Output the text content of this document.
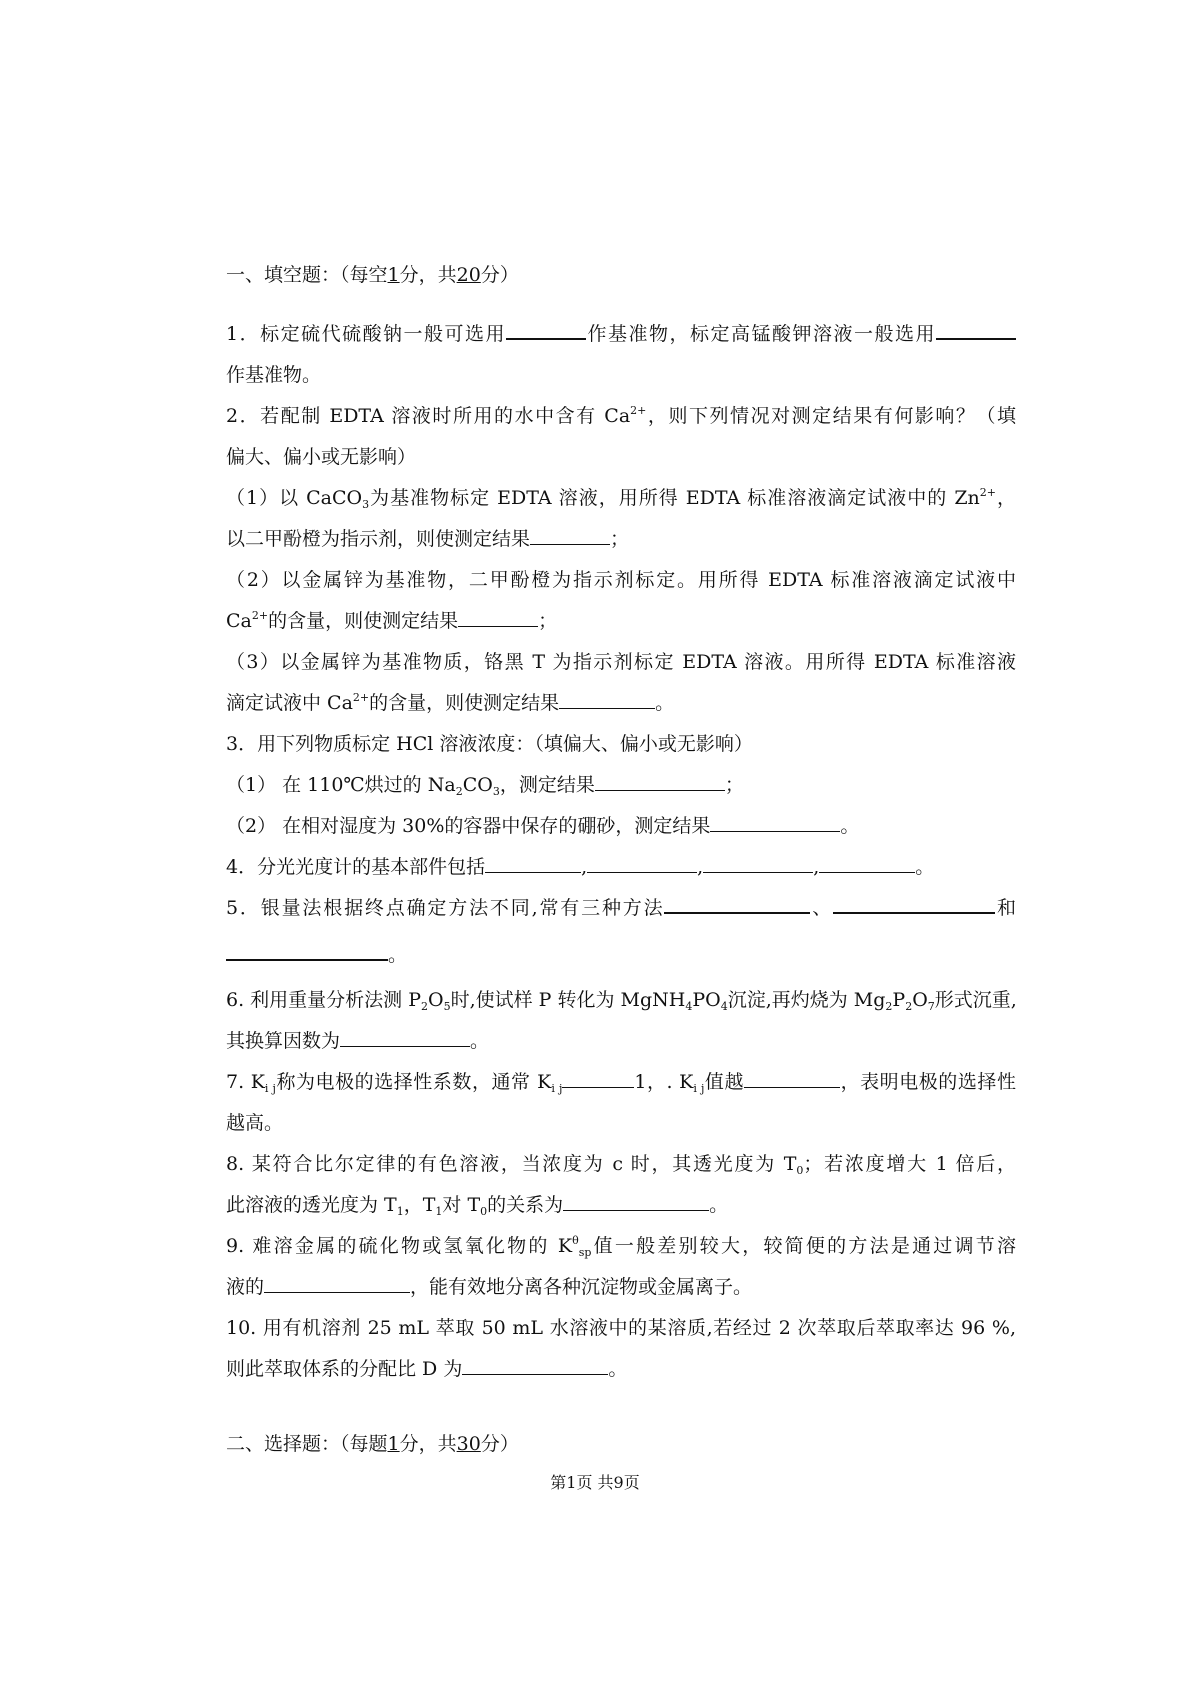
一、填空题：（每空1分，共20分）
1．标定硫代硫酸钠一般可选用	作基准物，标定高锰酸钾溶液一般选用
作基准物。
2．若配制 EDTA 溶液时所用的水中含有 $Ca^{2+}$，则下列情况对测定结果有何影响？（填
偏大、偏小或无影响）
（1）以 CaCO$_3$为基准物标定 EDTA 溶液，用所得 EDTA 标准溶液滴定试液中的 $Zn^{2+}$，
以二甲酚橙为指示剂，则使测定结果	；
（2）以金属锌为基准物，二甲酚橙为指示剂标定。用所得 EDTA 标准溶液滴定试液中
$Ca^{2+}$的含量，则使测定结果	；
（3）以金属锌为基准物质，铬黑 T 为指示剂标定 EDTA 溶液。用所得 EDTA 标准溶液
滴定试液中 $Ca^{2+}$的含量，则使测定结果	。
3．用下列物质标定 HCl 溶液浓度：（填偏大、偏小或无影响）
（1） 在 110℃烘过的 $Na_2CO_3$，测定结果	；
（2） 在相对湿度为 30%的容器中保存的硼砂，测定结果	。
4．分光光度计的基本部件包括	,	,	,	。
5．银量法根据终点确定方法不同,常有三种方法	、	和
。
6. 利用重量分析法测 $P_2O_5$时,使试样 P 转化为 $MgNH_4PO_4$沉淀,再灼烧为 $Mg_2P_2O_7$形式沉重,
其换算因数为	。
7. $K_{i j}$称为电极的选择性系数，通常 $K_{i j}$	1，. $K_{i j}$值越	，表明电极的选择性
越高。
8. 某符合比尔定律的有色溶液，当浓度为 c 时，其透光度为 $T_0$；若浓度增大 1 倍后，
此溶液的透光度为 $T_1$，$T_1$对 $T_0$的关系为	。
9. 难溶金属的硫化物或氢氧化物的 $K^\theta_{sp}$值一般差别较大，较简便的方法是通过调节溶
液的	，能有效地分离各种沉淀物或金属离子。
10. 用有机溶剂 25 mL 萃取 50 mL 水溶液中的某溶质,若经过 2 次萃取后萃取率达 96 %,
则此萃取体系的分配比 D 为	。
二、选择题：（每题1分，共30分）
第1页 共9页
